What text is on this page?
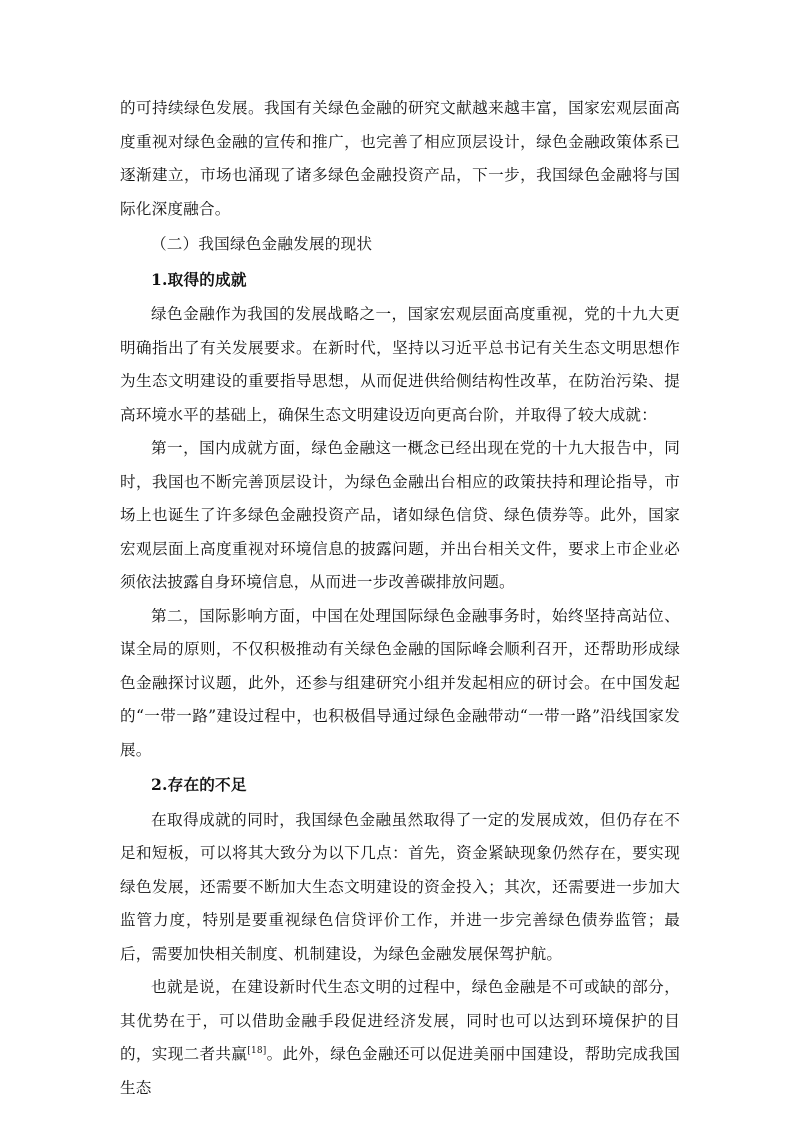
的可持续绿色发展。我国有关绿色金融的研究文献越来越丰富，国家宏观层面高度重视对绿色金融的宣传和推广，也完善了相应顶层设计，绿色金融政策体系已逐渐建立，市场也涌现了诸多绿色金融投资产品，下一步，我国绿色金融将与国际化深度融合。

（二）我国绿色金融发展的现状

1.取得的成就

绿色金融作为我国的发展战略之一，国家宏观层面高度重视，党的十九大更明确指出了有关发展要求。在新时代，坚持以习近平总书记有关生态文明思想作为生态文明建设的重要指导思想，从而促进供给侧结构性改革，在防治污染、提高环境水平的基础上，确保生态文明建设迈向更高台阶，并取得了较大成就：

第一，国内成就方面，绿色金融这一概念已经出现在党的十九大报告中，同时，我国也不断完善顶层设计，为绿色金融出台相应的政策扶持和理论指导，市场上也诞生了许多绿色金融投资产品，诸如绿色信贷、绿色债券等。此外，国家宏观层面上高度重视对环境信息的披露问题，并出台相关文件，要求上市企业必须依法披露自身环境信息，从而进一步改善碳排放问题。

第二，国际影响方面，中国在处理国际绿色金融事务时，始终坚持高站位、谋全局的原则，不仅积极推动有关绿色金融的国际峰会顺利召开，还帮助形成绿色金融探讨议题，此外，还参与组建研究小组并发起相应的研讨会。在中国发起的“一带一路”建设过程中，也积极倡导通过绿色金融带动“一带一路”沿线国家发展。

2.存在的不足

在取得成就的同时，我国绿色金融虽然取得了一定的发展成效，但仍存在不足和短板，可以将其大致分为以下几点：首先，资金紧缺现象仍然存在，要实现绿色发展，还需要不断加大生态文明建设的资金投入；其次，还需要进一步加大监管力度，特别是要重视绿色信贷评价工作，并进一步完善绿色债券监管；最后，需要加快相关制度、机制建设，为绿色金融发展保驾护航。

也就是说，在建设新时代生态文明的过程中，绿色金融是不可或缺的部分，其优势在于，可以借助金融手段促进经济发展，同时也可以达到环境保护的目的，实现二者共赢[18]。此外，绿色金融还可以促进美丽中国建设，帮助完成我国生态
